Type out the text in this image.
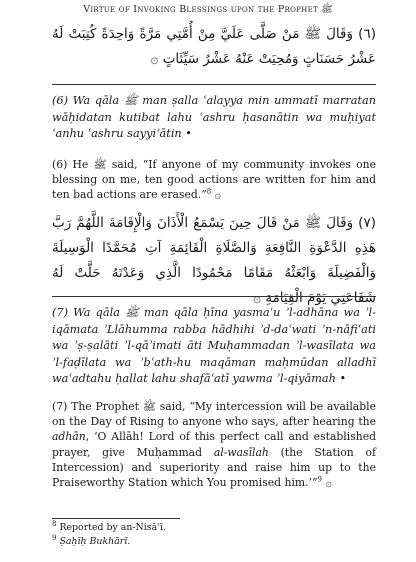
Virtue of Invoking Blessings upon the Prophet ﷺ
(٦) وَقَالَ ﷺ مَنْ صَلَّى عَلَيَّ مِنْ أُمَّتِي مَرَّةً وَاحِدَةً كُتِبَتْ لَهُ عَشْرُ حَسَنَاتٍ وَمُحِيَتْ عَنْهُ عَشْرُ سَيِّئَاتٍ ۞
(6) Wa qāla ﷺ man ṣalla ʿalayya min ummatī marratan wāḥidatan kutibat lahu ʿashru ḥasanātin wa muḥiyat ʿanhu ʿashru sayyiʾātin •
(6) He ﷺ said, “If anyone of my community invokes one blessing on me, ten good actions are written for him and ten bad actions are erased.”$^8$ ۞
(٧) وَقَالَ ﷺ مَنْ قَالَ حِينَ يَسْمَعُ الْأَذَانَ وَالْإِقَامَةَ اللَّهُمَّ رَبَّ هَذِهِ الدَّعْوَةِ النَّافِعَةِ وَالصَّلَاةِ الْقَائِمَةِ آتِ مُحَمَّدًا الْوَسِيلَةَ وَالْفَضِيلَةَ وَابْعَثْهُ مَقَامًا مَحْمُودًا الَّذِي وَعَدْتَهُ حَلَّتْ لَهُ شَفَاعَتِي يَوْمَ الْقِيَامَةِ ۞
(7) Wa qāla ﷺ man qāla ḥīna yasmaʿu ʾl-adhāna wa ʾl-iqāmata ʾLlāhumma rabba hādhihi ʾd-daʿwati ʾn-nāfiʿati wa ʾṣ-ṣalāti ʾl-qāʾimati āti Muḥammadan ʾl-wasīlata wa ʾl-faḍīlata wa ʾbʿath-hu maqāman maḥmūdan alladhī waʿadtahu ḥallat lahu shafāʿatī yawma ʾl-qiyāmah •
(7) The Prophet ﷺ said, “My intercession will be available on the Day of Rising to anyone who says, after hearing the adhān, ‘O Allāh! Lord of this perfect call and established prayer, give Muḥammad al-wasīlah (the Station of Intercession) and superiority and raise him up to the Praiseworthy Station which You promised him.’”$^9$ ۞
$^8$ Reported by an-Nisāʾī.
$^9$ Ṣaḥīḥ Bukhārī.
